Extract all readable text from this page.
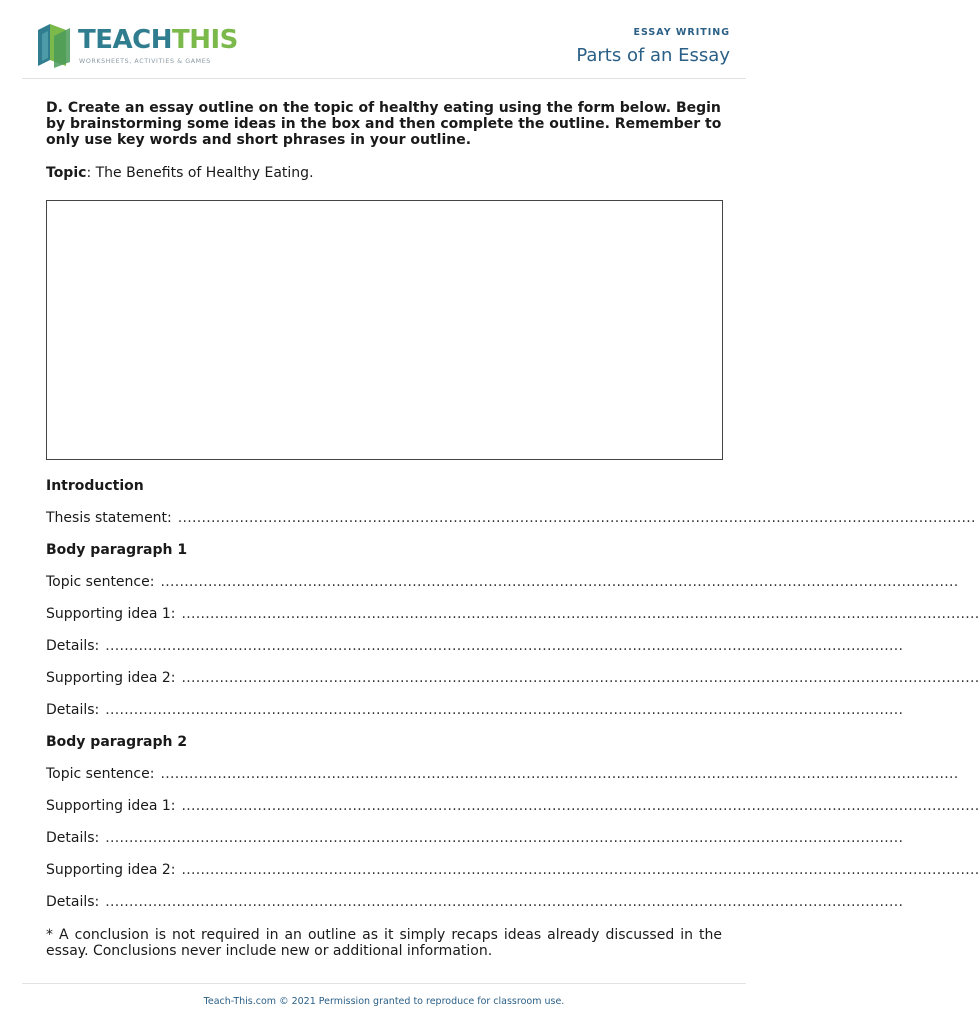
TEACHTHIS
WORKSHEETS, ACTIVITIES & GAMES
ESSAY WRITING
Parts of an Essay

D. Create an essay outline on the topic of healthy eating using the form below. Begin by brainstorming some ideas in the box and then complete the outline. Remember to only use key words and short phrases in your outline.

Topic: The Benefits of Healthy Eating.
Introduction
Thesis statement: ........................................................................................................................................................................
Body paragraph 1
Topic sentence: ........................................................................................................................................................................
Supporting idea 1: ........................................................................................................................................................................
Details: ........................................................................................................................................................................
Supporting idea 2: ........................................................................................................................................................................
Details: ........................................................................................................................................................................
Body paragraph 2
Topic sentence: ........................................................................................................................................................................
Supporting idea 1: ........................................................................................................................................................................
Details: ........................................................................................................................................................................
Supporting idea 2: ........................................................................................................................................................................
Details: ........................................................................................................................................................................

* A conclusion is not required in an outline as it simply recaps ideas already discussed in the essay. Conclusions never include new or additional information.

Teach-This.com © 2021 Permission granted to reproduce for classroom use.
